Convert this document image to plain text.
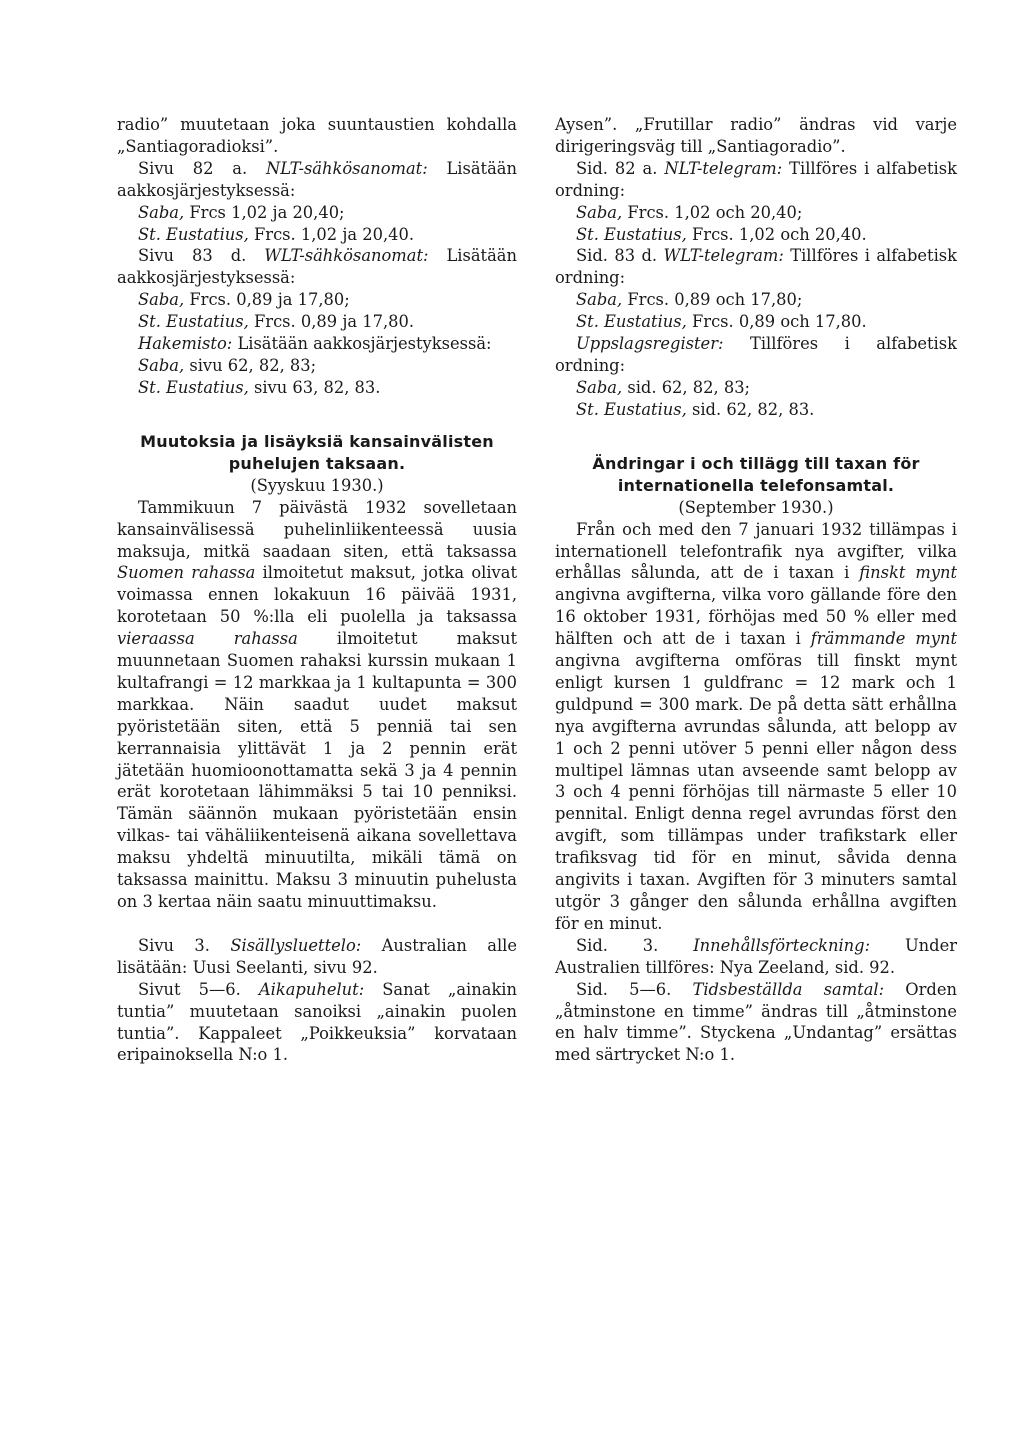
radio” muutetaan joka suuntaustien kohdalla „Santiagoradioksi”.

Sivu 82 a. NLT-sähkösanomat: Lisätään aakkosjärjestyksessä:

Saba, Frcs 1,02 ja 20,40;

St. Eustatius, Frcs. 1,02 ja 20,40.

Sivu 83 d. WLT-sähkösanomat: Lisätään aakkosjärjestyksessä:

Saba, Frcs. 0,89 ja 17,80;

St. Eustatius, Frcs. 0,89 ja 17,80.

Hakemisto: Lisätään aakkosjärjestyksessä:

Saba, sivu 62, 82, 83;

St. Eustatius, sivu 63, 82, 83.

Muutoksia ja lisäyksiä kansainvälisten puhelujen taksaan.

(Syyskuu 1930.)

Tammikuun 7 päivästä 1932 sovelletaan kansainvälisessä puhelinliikenteessä uusia maksuja, mitkä saadaan siten, että taksassa Suomen rahassa ilmoitetut maksut, jotka olivat voimassa ennen lokakuun 16 päivää 1931, korotetaan 50 %:lla eli puolella ja taksassa vieraassa rahassa ilmoitetut maksut muunnetaan Suomen rahaksi kurssin mukaan 1 kultafrangi = 12 markkaa ja 1 kultapunta = 300 markkaa. Näin saadut uudet maksut pyöristetään siten, että 5 penniä tai sen kerrannaisia ylittävät 1 ja 2 pennin erät jätetään huomioonottamatta sekä 3 ja 4 pennin erät korotetaan lähimmäksi 5 tai 10 penniksi. Tämän säännön mukaan pyöristetään ensin vilkas- tai vähäliikenteisenä aikana sovellettava maksu yhdeltä minuutilta, mikäli tämä on taksassa mainittu. Maksu 3 minuutin puhelusta on 3 kertaa näin saatu minuuttimaksu.

Sivu 3. Sisällysluettelo: Australian alle lisätään: Uusi Seelanti, sivu 92.

Sivut 5—6. Aikapuhelut: Sanat „ainakin tuntia” muutetaan sanoiksi „ainakin puolen tuntia”. Kappaleet „Poikkeuksia” korvataan eripainoksella N:o 1.

Aysen”. „Frutillar radio” ändras vid varje dirigeringsväg till „Santiagoradio”.

Sid. 82 a. NLT-telegram: Tillföres i alfabetisk ordning:

Saba, Frcs. 1,02 och 20,40;

St. Eustatius, Frcs. 1,02 och 20,40.

Sid. 83 d. WLT-telegram: Tillföres i alfabetisk ordning:

Saba, Frcs. 0,89 och 17,80;

St. Eustatius, Frcs. 0,89 och 17,80.

Uppslagsregister: Tillföres i alfabetisk ordning:

Saba, sid. 62, 82, 83;

St. Eustatius, sid. 62, 82, 83.

Ändringar i och tillägg till taxan för internationella telefonsamtal.

(September 1930.)

Från och med den 7 januari 1932 tillämpas i internationell telefontrafik nya avgifter, vilka erhållas sålunda, att de i taxan i finskt mynt angivna avgifterna, vilka voro gällande före den 16 oktober 1931, förhöjas med 50 % eller med hälften och att de i taxan i främmande mynt angivna avgifterna omföras till finskt mynt enligt kursen 1 guldfranc = 12 mark och 1 guldpund = 300 mark. De på detta sätt erhållna nya avgifterna avrundas sålunda, att belopp av 1 och 2 penni utöver 5 penni eller någon dess multipel lämnas utan avseende samt belopp av 3 och 4 penni förhöjas till närmaste 5 eller 10 pennital. Enligt denna regel avrundas först den avgift, som tillämpas under trafikstark eller trafiksvag tid för en minut, såvida denna angivits i taxan. Avgiften för 3 minuters samtal utgör 3 gånger den sålunda erhållna avgiften för en minut.

Sid. 3. Innehållsförteckning: Under Australien tillföres: Nya Zeeland, sid. 92.

Sid. 5—6. Tidsbeställda samtal: Orden „åtminstone en timme” ändras till „åtminstone en halv timme”. Styckena „Undantag” ersättas med särtrycket N:o 1.
